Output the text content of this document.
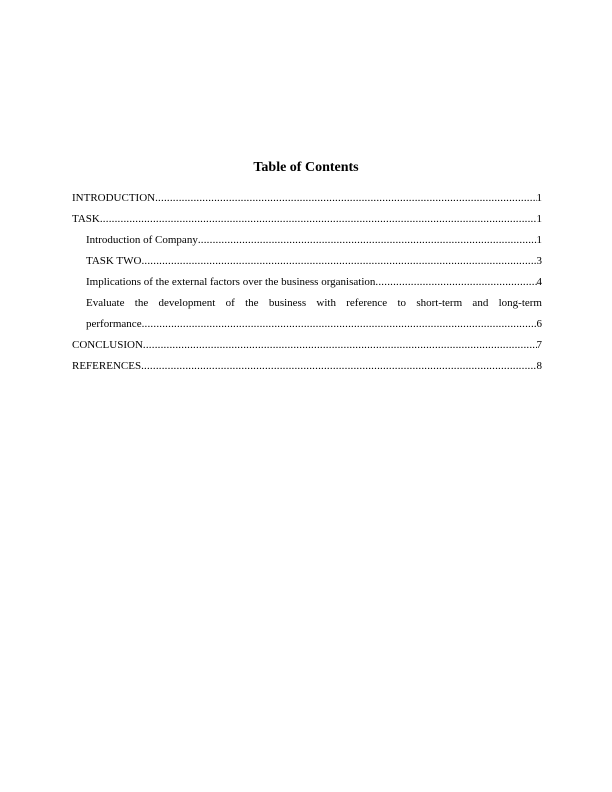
Table of Contents
INTRODUCTION .....	1
TASK .....	1
Introduction of Company .....	1
TASK TWO .....	3
Implications of the external factors over the business organisation .....	4
Evaluate the development of the business with reference to short-term and long-term
performance .....	6
CONCLUSION .....	7
REFERENCES .....	8
